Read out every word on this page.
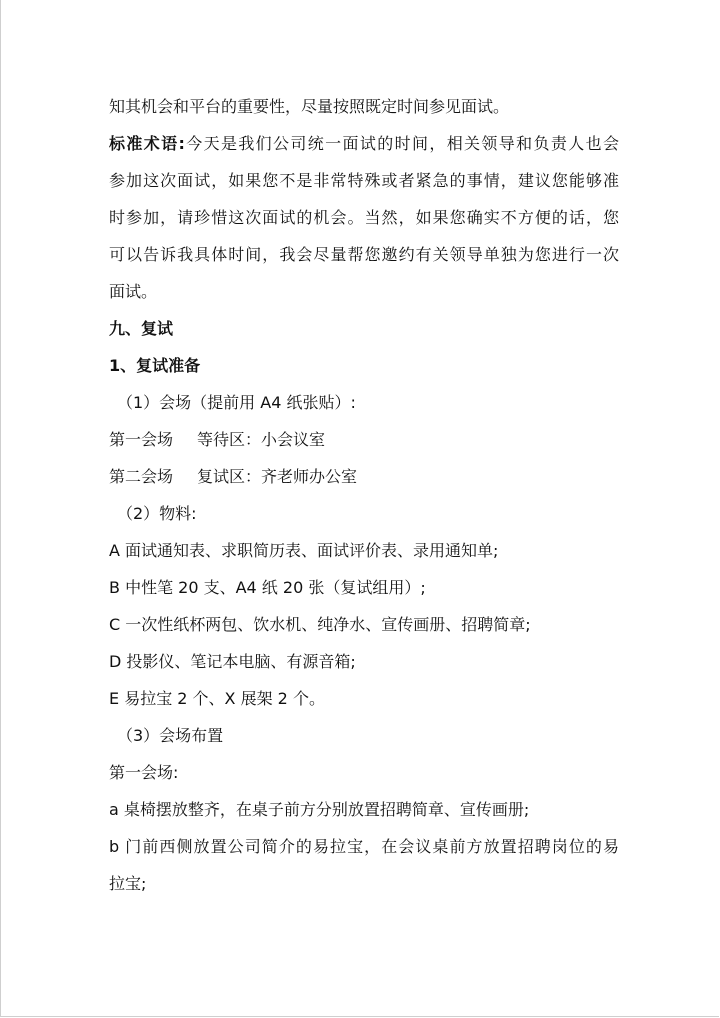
知其机会和平台的重要性，尽量按照既定时间参见面试。

标准术语:今天是我们公司统一面试的时间，相关领导和负责人也会

参加这次面试，如果您不是非常特殊或者紧急的事情，建议您能够准

时参加，请珍惜这次面试的机会。当然，如果您确实不方便的话，您

可以告诉我具体时间，我会尽量帮您邀约有关领导单独为您进行一次

面试。

九、复试

1、复试准备

（1）会场（提前用 A4 纸张贴）:

第一会场 等待区：小会议室

第二会场 复试区：齐老师办公室

（2）物料:

A 面试通知表、求职简历表、面试评价表、录用通知单;

B 中性笔 20 支、A4 纸 20 张（复试组用）;

C 一次性纸杯两包、饮水机、纯净水、宣传画册、招聘简章;

D 投影仪、笔记本电脑、有源音箱;

E 易拉宝 2 个、X 展架 2 个。

（3）会场布置

第一会场:

a 桌椅摆放整齐，在桌子前方分别放置招聘简章、宣传画册;

b 门前西侧放置公司简介的易拉宝，在会议桌前方放置招聘岗位的易

拉宝;
